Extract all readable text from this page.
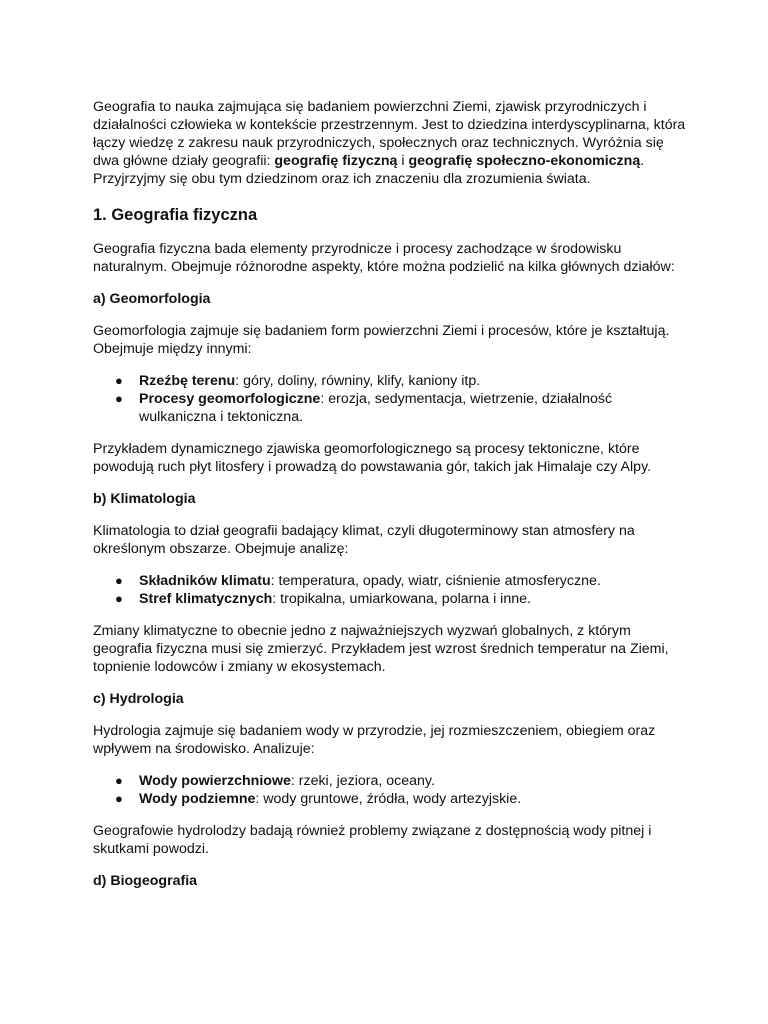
Geografia to nauka zajmująca się badaniem powierzchni Ziemi, zjawisk przyrodniczych i działalności człowieka w kontekście przestrzennym. Jest to dziedzina interdyscyplinarna, która łączy wiedzę z zakresu nauk przyrodniczych, społecznych oraz technicznych. Wyróżnia się dwa główne działy geografii: geografię fizyczną i geografię społeczno-ekonomiczną. Przyjrzyjmy się obu tym dziedzinom oraz ich znaczeniu dla zrozumienia świata.

1. Geografia fizyczna

Geografia fizyczna bada elementy przyrodnicze i procesy zachodzące w środowisku naturalnym. Obejmuje różnorodne aspekty, które można podzielić na kilka głównych działów:

a) Geomorfologia

Geomorfologia zajmuje się badaniem form powierzchni Ziemi i procesów, które je kształtują. Obejmuje między innymi:

● Rzeźbę terenu: góry, doliny, równiny, klify, kaniony itp.
● Procesy geomorfologiczne: erozja, sedymentacja, wietrzenie, działalność wulkaniczna i tektoniczna.

Przykładem dynamicznego zjawiska geomorfologicznego są procesy tektoniczne, które powodują ruch płyt litosfery i prowadzą do powstawania gór, takich jak Himalaje czy Alpy.

b) Klimatologia

Klimatologia to dział geografii badający klimat, czyli długoterminowy stan atmosfery na określonym obszarze. Obejmuje analizę:

● Składników klimatu: temperatura, opady, wiatr, ciśnienie atmosferyczne.
● Stref klimatycznych: tropikalna, umiarkowana, polarna i inne.

Zmiany klimatyczne to obecnie jedno z najważniejszych wyzwań globalnych, z którym geografia fizyczna musi się zmierzyć. Przykładem jest wzrost średnich temperatur na Ziemi, topnienie lodowców i zmiany w ekosystemach.

c) Hydrologia

Hydrologia zajmuje się badaniem wody w przyrodzie, jej rozmieszczeniem, obiegiem oraz wpływem na środowisko. Analizuje:

● Wody powierzchniowe: rzeki, jeziora, oceany.
● Wody podziemne: wody gruntowe, źródła, wody artezyjskie.

Geografowie hydrolodzy badają również problemy związane z dostępnością wody pitnej i skutkami powodzi.

d) Biogeografia
